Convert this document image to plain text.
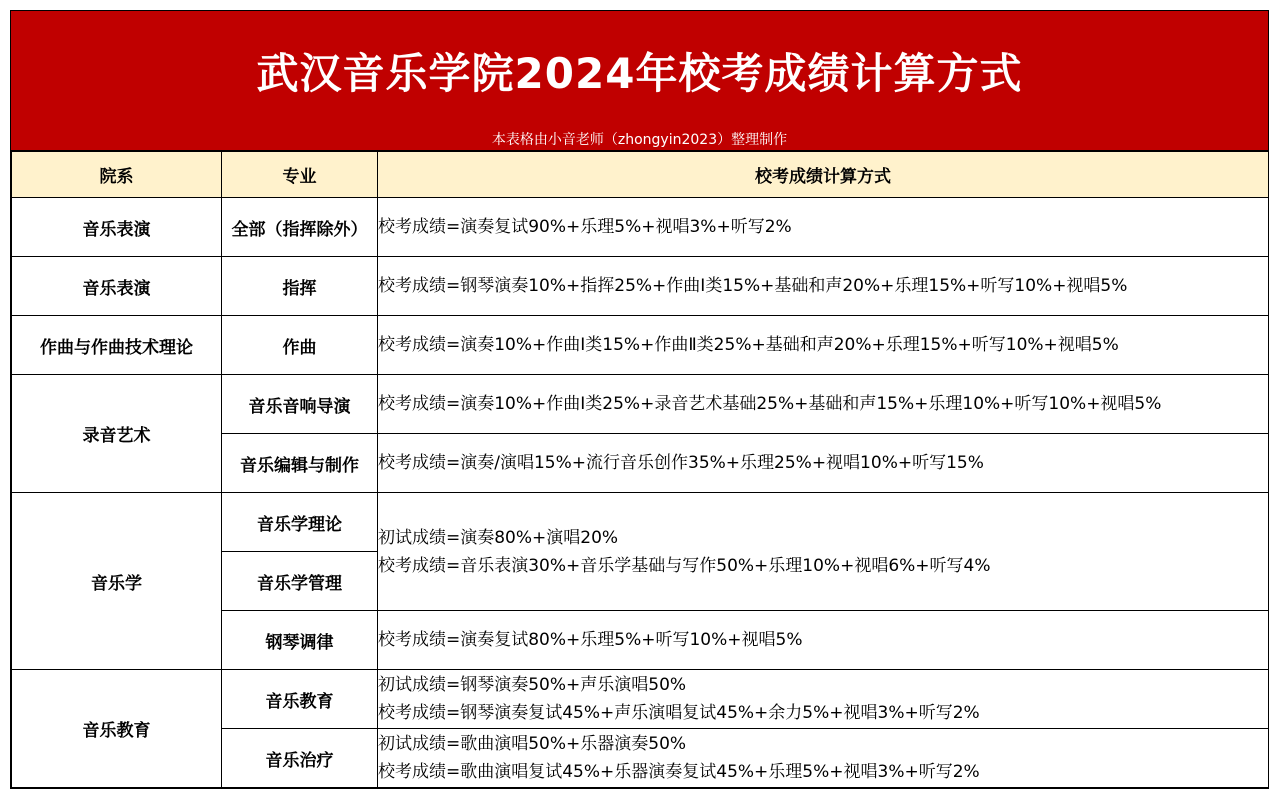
武汉音乐学院2024年校考成绩计算方式
本表格由小音老师（zhongyin2023）整理制作
院系	专业	校考成绩计算方式
音乐表演	全部（指挥除外）	校考成绩=演奏复试90%+乐理5%+视唱3%+听写2%

音乐表演	指挥	校考成绩=钢琴演奏10%+指挥25%+作曲Ⅰ类15%+基础和声20%+乐理15%+听写10%+视唱5%

作曲与作曲技术理论	作曲	校考成绩=演奏10%+作曲Ⅰ类15%+作曲Ⅱ类25%+基础和声20%+乐理15%+听写10%+视唱5%

录音艺术	音乐音响导演	校考成绩=演奏10%+作曲Ⅰ类25%+录音艺术基础25%+基础和声15%+乐理10%+听写10%+视唱5%

	音乐编辑与制作	校考成绩=演奏/演唱15%+流行音乐创作35%+乐理25%+视唱10%+听写15%

音乐学	音乐学理论	初试成绩=演奏80%+演唱20%
校考成绩=音乐表演30%+音乐学基础与写作50%+乐理10%+视唱6%+听写4%

	音乐学管理	
	钢琴调律	校考成绩=演奏复试80%+乐理5%+听写10%+视唱5%

音乐教育	音乐教育	初试成绩=钢琴演奏50%+声乐演唱50%
校考成绩=钢琴演奏复试45%+声乐演唱复试45%+余力5%+视唱3%+听写2%

	音乐治疗	初试成绩=歌曲演唱50%+乐器演奏50%
校考成绩=歌曲演唱复试45%+乐器演奏复试45%+乐理5%+视唱3%+听写2%
